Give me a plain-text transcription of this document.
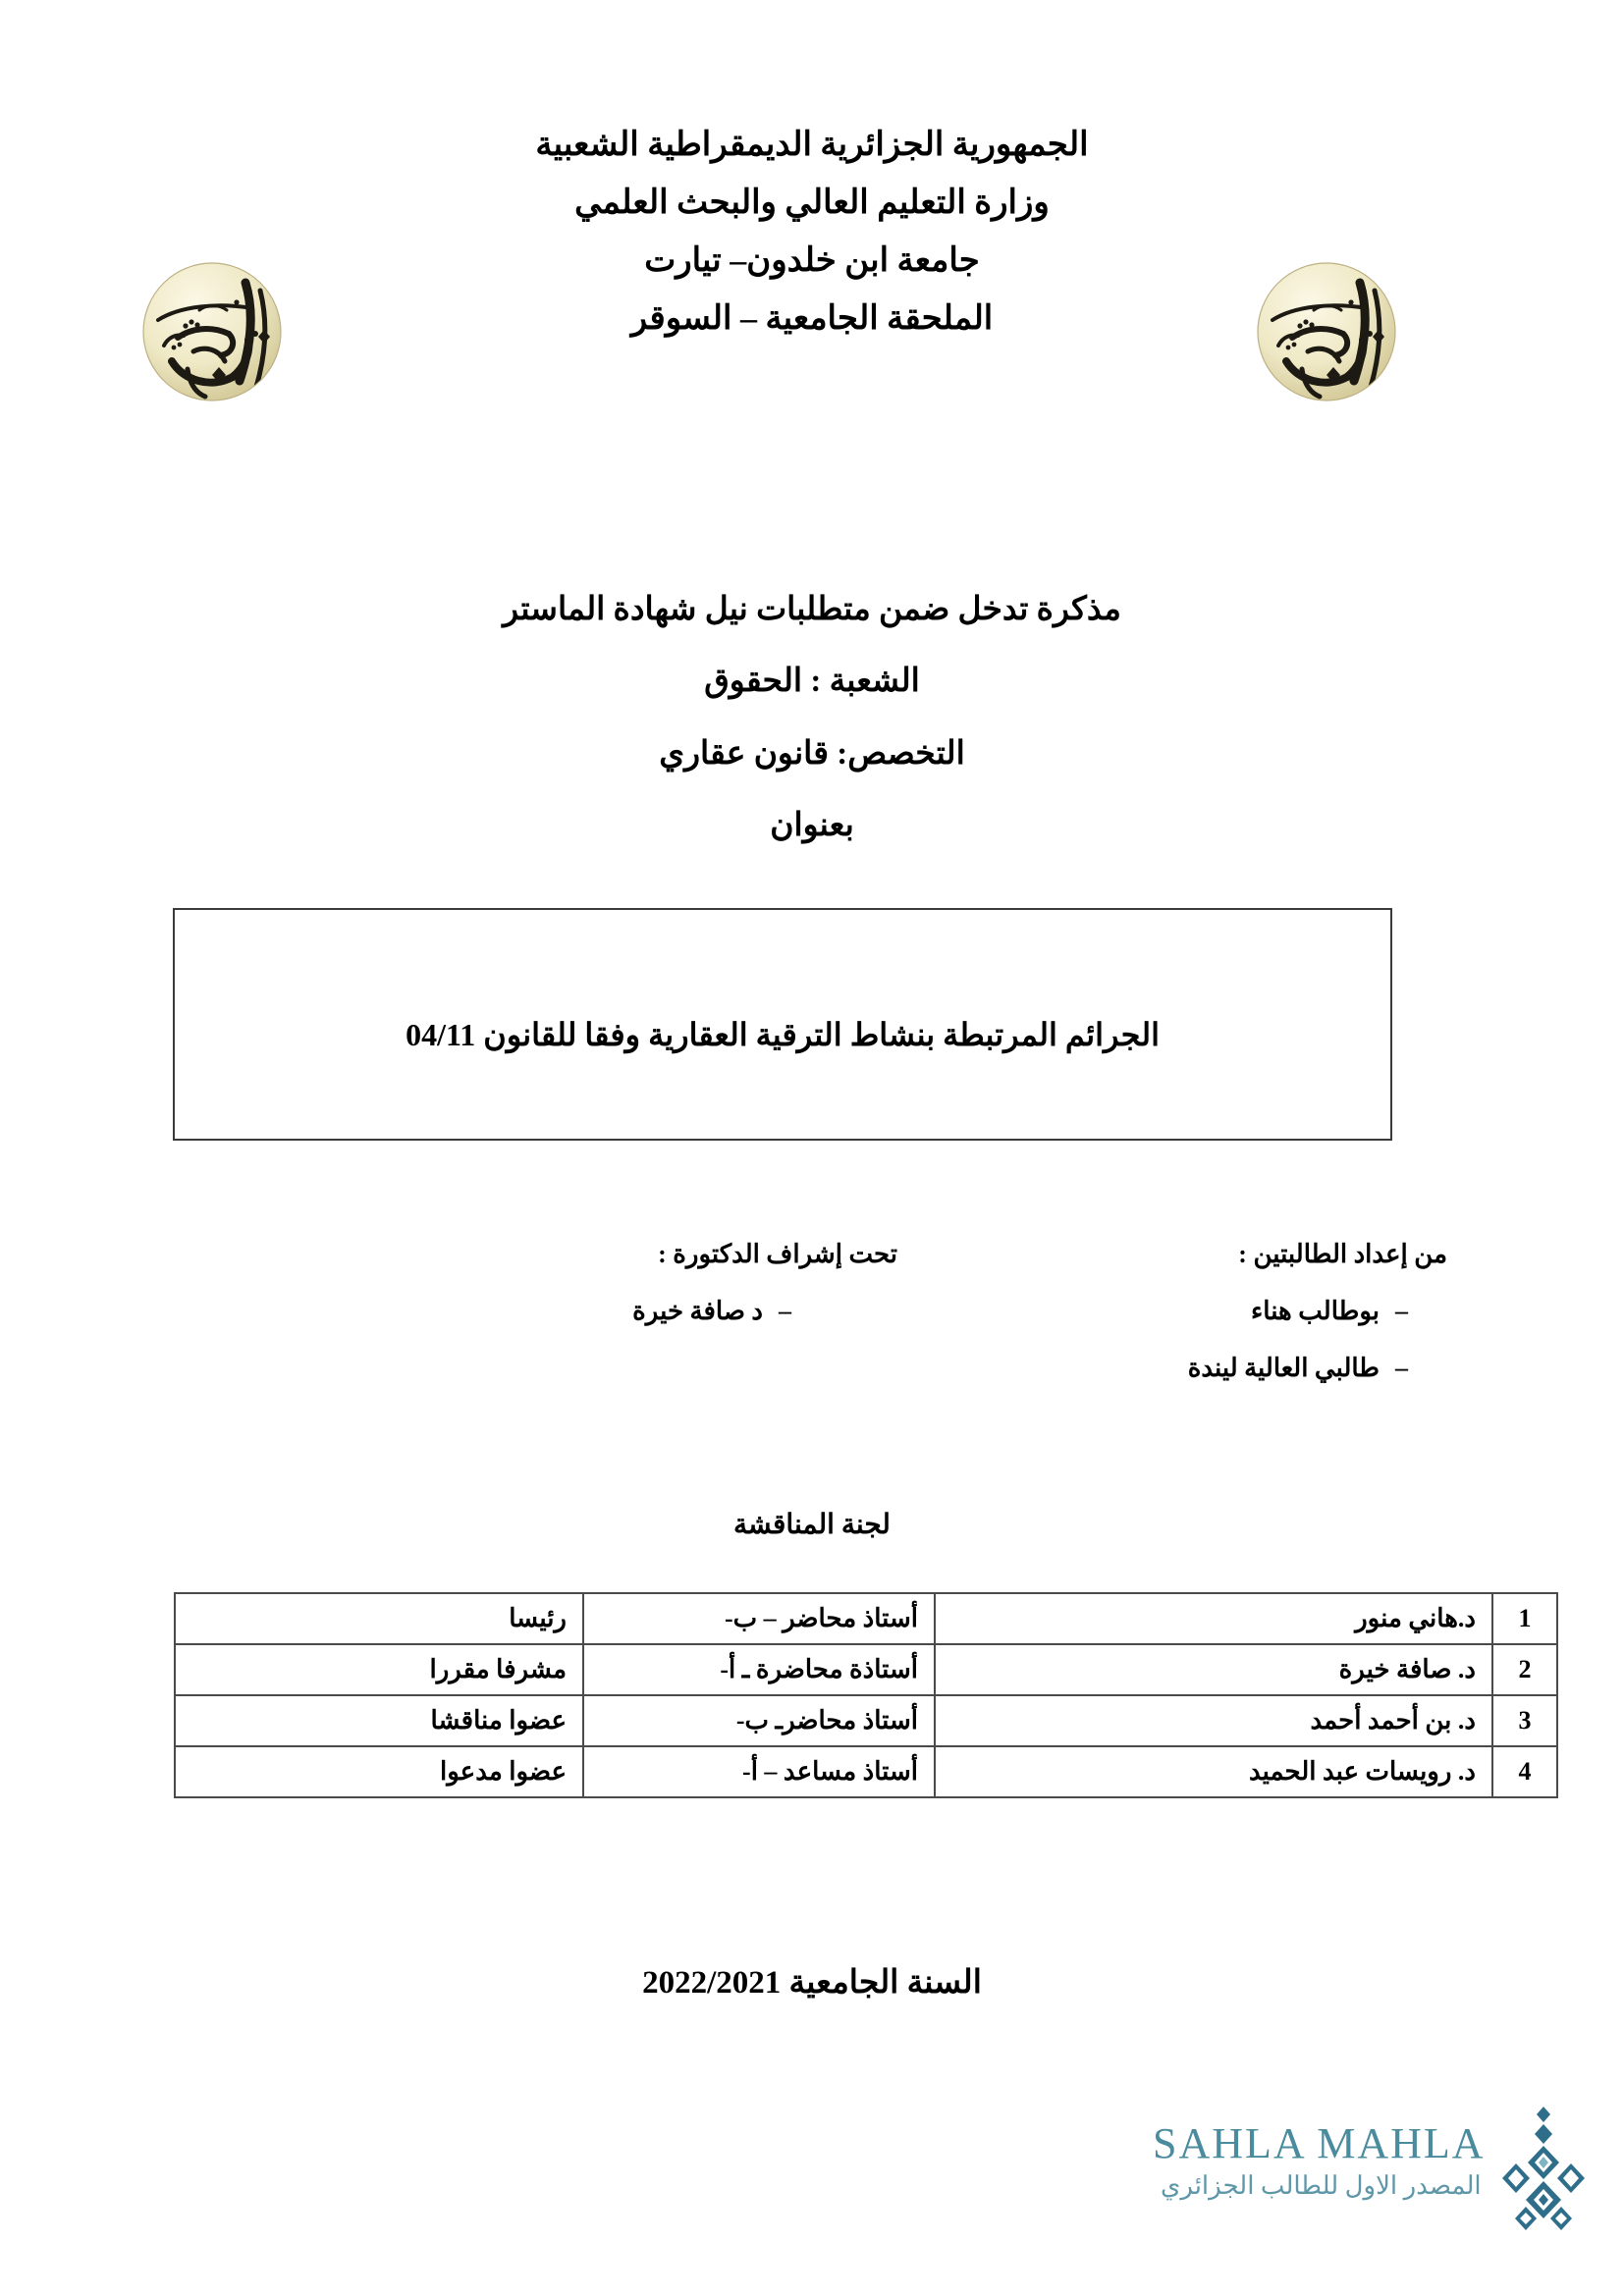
الجمهورية الجزائرية الديمقراطية الشعبية
وزارة التعليم العالي والبحث العلمي
جامعة ابن خلدون– تيارت
الملحقة الجامعية – السوقر
مذكرة تدخل ضمن متطلبات نيل شهادة الماستر
الشعبة : الحقوق
التخصص: قانون عقاري
بعنوان
الجرائم المرتبطة بنشاط الترقية العقارية وفقا للقانون 04/11
من إعداد الطالبتين :
–بوطالب هناء
–طالبي العالية ليندة
تحت إشراف الدكتورة :
–د صافة خيرة
لجنة المناقشة
1	د.هاني منور	أستاذ محاضر – ب-	رئيسا
2	د. صافة خيرة	أستاذة محاضرة ـ أ-	مشرفا مقررا
3	د. بن أحمد أحمد	أستاذ محاضرـ ب-	عضوا مناقشا
4	د. رويسات عبد الحميد	أستاذ مساعد – أ-	عضوا مدعوا
السنة الجامعية 2022/2021
SAHLA MAHLA
المصدر الاول للطالب الجزائري
